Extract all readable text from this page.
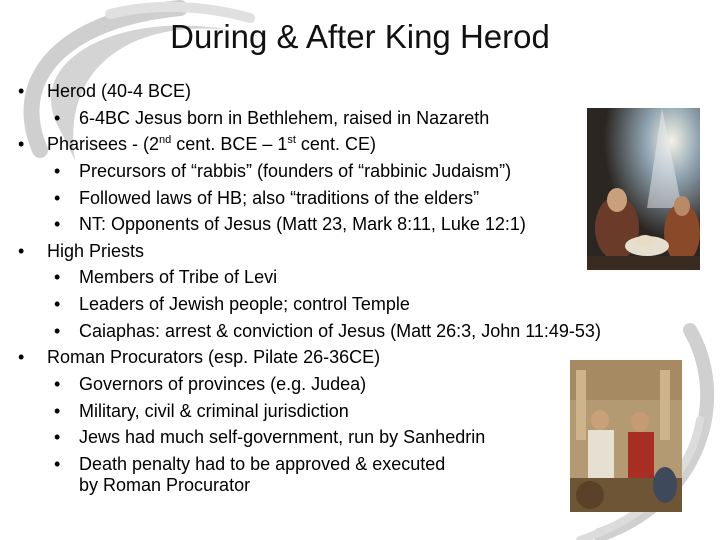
During & After King Herod
• Herod (40-4 BCE)
• 6-4BC Jesus born in Bethlehem, raised in Nazareth
• Pharisees - (2nd cent. BCE – 1st cent. CE)
• Precursors of “rabbis” (founders of “rabbinic Judaism”)
• Followed laws of HB; also “traditions of the elders”
• NT: Opponents of Jesus (Matt 23, Mark 8:11, Luke 12:1)
• High Priests
• Members of Tribe of Levi
• Leaders of Jewish people; control Temple
• Caiaphas: arrest & conviction of Jesus (Matt 26:3, John 11:49-53)
• Roman Procurators (esp. Pilate 26-36CE)
• Governors of provinces (e.g. Judea)
• Military, civil & criminal jurisdiction
• Jews had much self-government, run by Sanhedrin
• Death penalty had to be approved & executed
by Roman Procurator
